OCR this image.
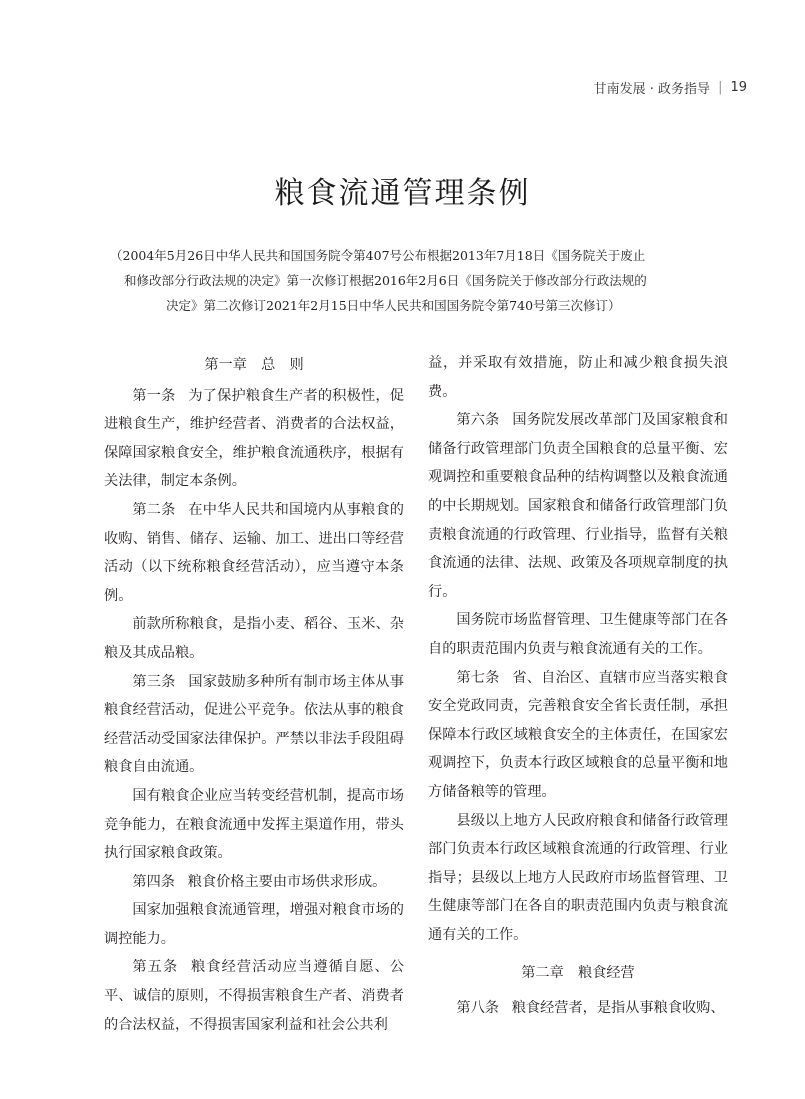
甘南发展 · 政务指导 | 19
粮食流通管理条例
（2004年5月26日中华人民共和国国务院令第407号公布根据2013年7月18日《国务院关于废止
和修改部分行政法规的决定》第一次修订根据2016年2月6日《国务院关于修改部分行政法规的
决定》第二次修订2021年2月15日中华人民共和国国务院令第740号第三次修订）

第一章　总　则

第一条 为了保护粮食生产者的积极性，促进粮食生产，维护经营者、消费者的合法权益，保障国家粮食安全，维护粮食流通秩序，根据有关法律，制定本条例。

第二条 在中华人民共和国境内从事粮食的收购、销售、储存、运输、加工、进出口等经营活动（以下统称粮食经营活动），应当遵守本条例。

前款所称粮食，是指小麦、稻谷、玉米、杂粮及其成品粮。

第三条 国家鼓励多种所有制市场主体从事粮食经营活动，促进公平竞争。依法从事的粮食经营活动受国家法律保护。严禁以非法手段阻碍粮食自由流通。

国有粮食企业应当转变经营机制，提高市场竞争能力，在粮食流通中发挥主渠道作用，带头执行国家粮食政策。

第四条 粮食价格主要由市场供求形成。

国家加强粮食流通管理，增强对粮食市场的调控能力。

第五条 粮食经营活动应当遵循自愿、公平、诚信的原则，不得损害粮食生产者、消费者的合法权益，不得损害国家利益和社会公共利

益，并采取有效措施，防止和减少粮食损失浪费。

第六条 国务院发展改革部门及国家粮食和储备行政管理部门负责全国粮食的总量平衡、宏观调控和重要粮食品种的结构调整以及粮食流通的中长期规划。国家粮食和储备行政管理部门负责粮食流通的行政管理、行业指导，监督有关粮食流通的法律、法规、政策及各项规章制度的执行。

国务院市场监督管理、卫生健康等部门在各自的职责范围内负责与粮食流通有关的工作。

第七条 省、自治区、直辖市应当落实粮食安全党政同责，完善粮食安全省长责任制，承担保障本行政区域粮食安全的主体责任，在国家宏观调控下，负责本行政区域粮食的总量平衡和地方储备粮等的管理。

县级以上地方人民政府粮食和储备行政管理部门负责本行政区域粮食流通的行政管理、行业指导；县级以上地方人民政府市场监督管理、卫生健康等部门在各自的职责范围内负责与粮食流通有关的工作。

第二章　粮食经营

第八条 粮食经营者，是指从事粮食收购、
